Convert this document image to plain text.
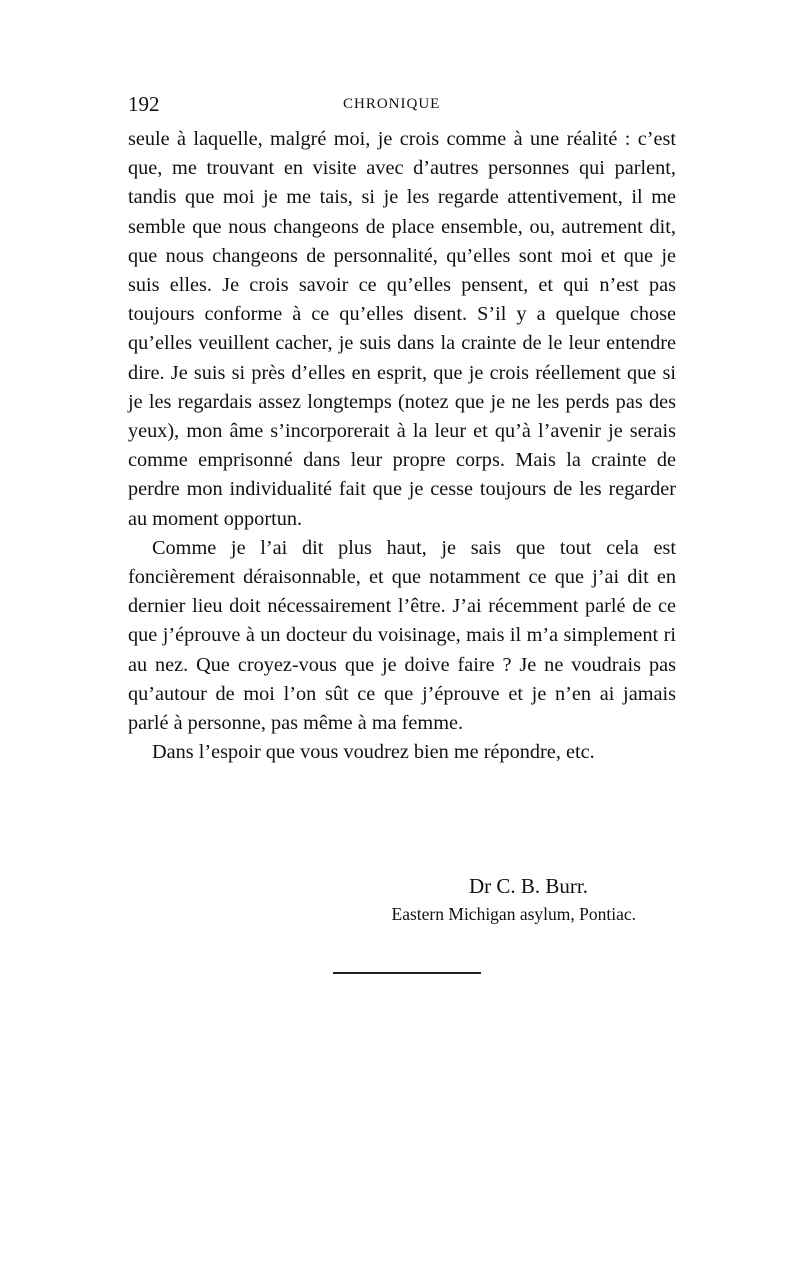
192	CHRONIQUE

seule à laquelle, malgré moi, je crois comme à une réalité : c’est que, me trouvant en visite avec d’autres personnes qui parlent, tandis que moi je me tais, si je les regarde attentivement, il me semble que nous changeons de place ensemble, ou, autrement dit, que nous changeons de personnalité, qu’elles sont moi et que je suis elles. Je crois savoir ce qu’elles pensent, et qui n’est pas toujours conforme à ce qu’elles disent. S’il y a quelque chose qu’elles veuillent cacher, je suis dans la crainte de le leur entendre dire. Je suis si près d’elles en esprit, que je crois réellement que si je les regardais assez longtemps (notez que je ne les perds pas des yeux), mon âme s’incorporerait à la leur et qu’à l’avenir je serais comme emprisonné dans leur propre corps. Mais la crainte de perdre mon individualité fait que je cesse toujours de les regarder au moment opportun.

Comme je l’ai dit plus haut, je sais que tout cela est foncièrement déraisonnable, et que notamment ce que j’ai dit en dernier lieu doit nécessairement l’être. J’ai récemment parlé de ce que j’éprouve à un docteur du voisinage, mais il m’a simplement ri au nez. Que croyez-vous que je doive faire ? Je ne voudrais pas qu’autour de moi l’on sût ce que j’éprouve et je n’en ai jamais parlé à personne, pas même à ma femme.

Dans l’espoir que vous voudrez bien me répondre, etc.

Dr C. B. Burr.
Eastern Michigan asylum, Pontiac.
